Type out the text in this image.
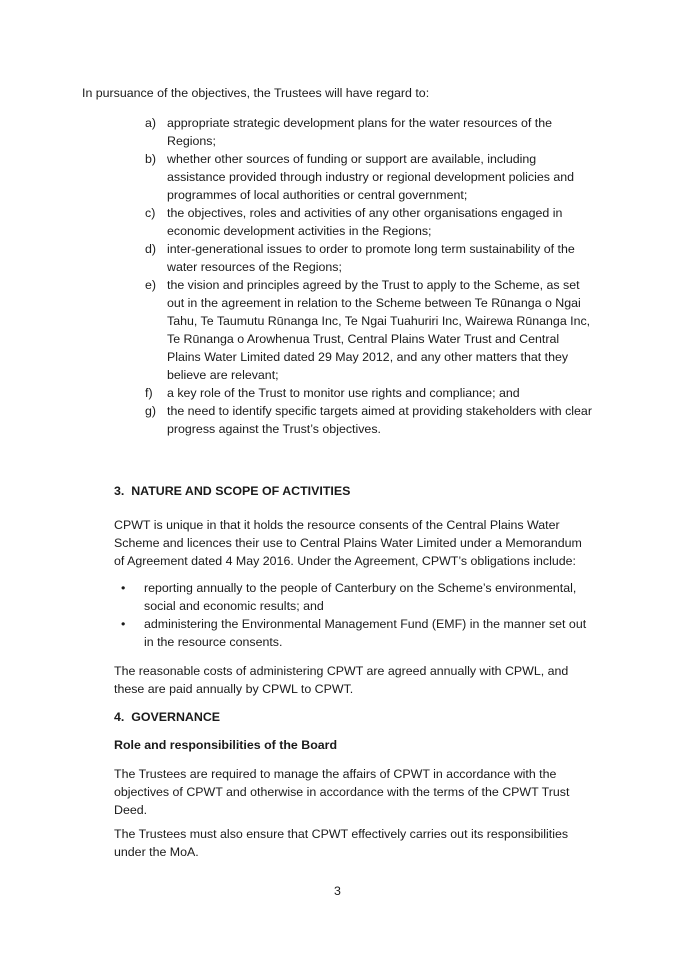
In pursuance of the objectives, the Trustees will have regard to:

a) appropriate strategic development plans for the water resources of the Regions;
b) whether other sources of funding or support are available, including assistance provided through industry or regional development policies and programmes of local authorities or central government;
c) the objectives, roles and activities of any other organisations engaged in economic development activities in the Regions;
d) inter-generational issues to order to promote long term sustainability of the water resources of the Regions;
e) the vision and principles agreed by the Trust to apply to the Scheme, as set out in the agreement in relation to the Scheme between Te Rūnanga o Ngai Tahu, Te Taumutu Rūnanga Inc, Te Ngai Tuahuriri Inc, Wairewa Rūnanga Inc, Te Rūnanga o Arowhenua Trust, Central Plains Water Trust and Central Plains Water Limited dated 29 May 2012, and any other matters that they believe are relevant;
f) a key role of the Trust to monitor use rights and compliance; and
g) the need to identify specific targets aimed at providing stakeholders with clear progress against the Trust’s objectives.

3.  NATURE AND SCOPE OF ACTIVITIES

CPWT is unique in that it holds the resource consents of the Central Plains Water Scheme and licences their use to Central Plains Water Limited under a Memorandum of Agreement dated 4 May 2016. Under the Agreement, CPWT’s obligations include:

• reporting annually to the people of Canterbury on the Scheme’s environmental, social and economic results; and
• administering the Environmental Management Fund (EMF) in the manner set out in the resource consents.

The reasonable costs of administering CPWT are agreed annually with CPWL, and these are paid annually by CPWL to CPWT.

4.  GOVERNANCE

Role and responsibilities of the Board

The Trustees are required to manage the affairs of CPWT in accordance with the objectives of CPWT and otherwise in accordance with the terms of the CPWT Trust Deed.

The Trustees must also ensure that CPWT effectively carries out its responsibilities under the MoA.

3
